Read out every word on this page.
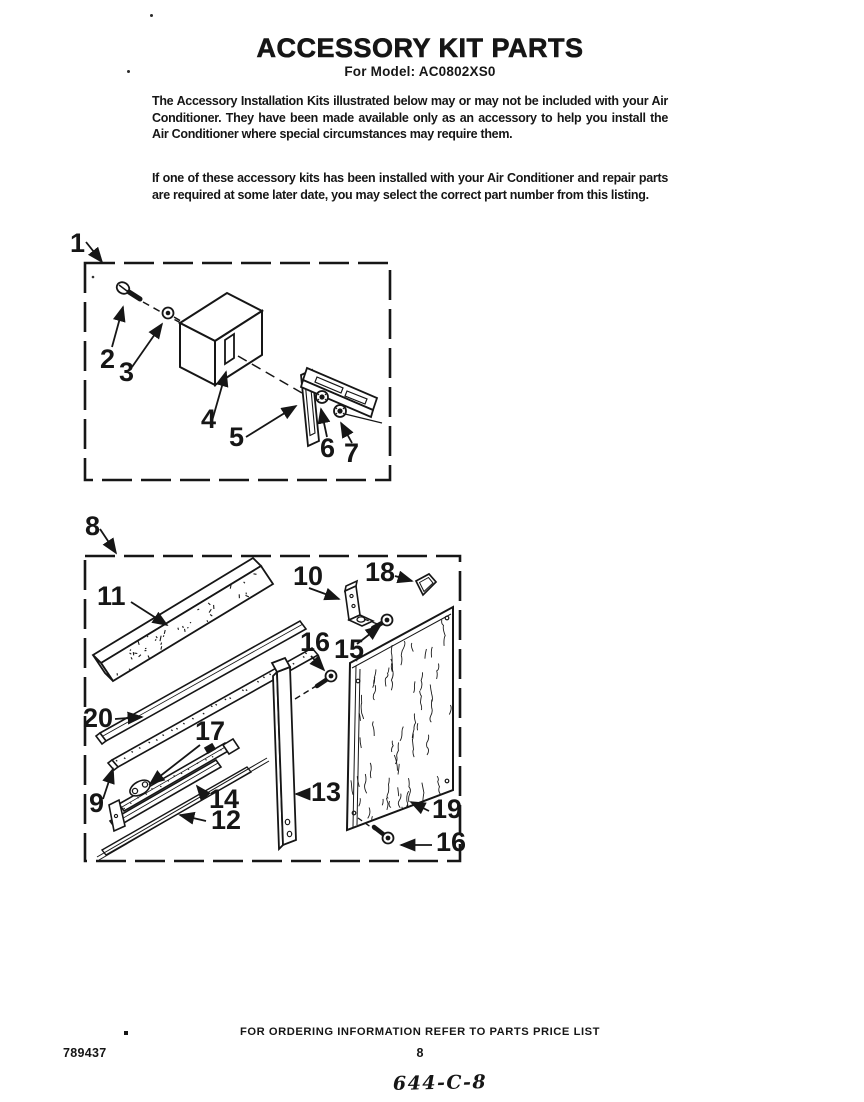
ACCESSORY KIT PARTS
For Model: AC0802XS0

The Accessory Installation Kits illustrated below may or may not be included with your Air Conditioner. They have been made available only as an accessory to help you install the Air Conditioner where special circumstances may require them.

If one of these accessory kits has been installed with your Air Conditioner and repair parts are required at some later date, you may select the correct part number from this listing.

1
2 3
4
5	6 7
8
11
20
9
17
14
12
13
16
10
15
18
19
16
FOR ORDERING INFORMATION REFER TO PARTS PRICE LIST
789437	8
644-C-8
